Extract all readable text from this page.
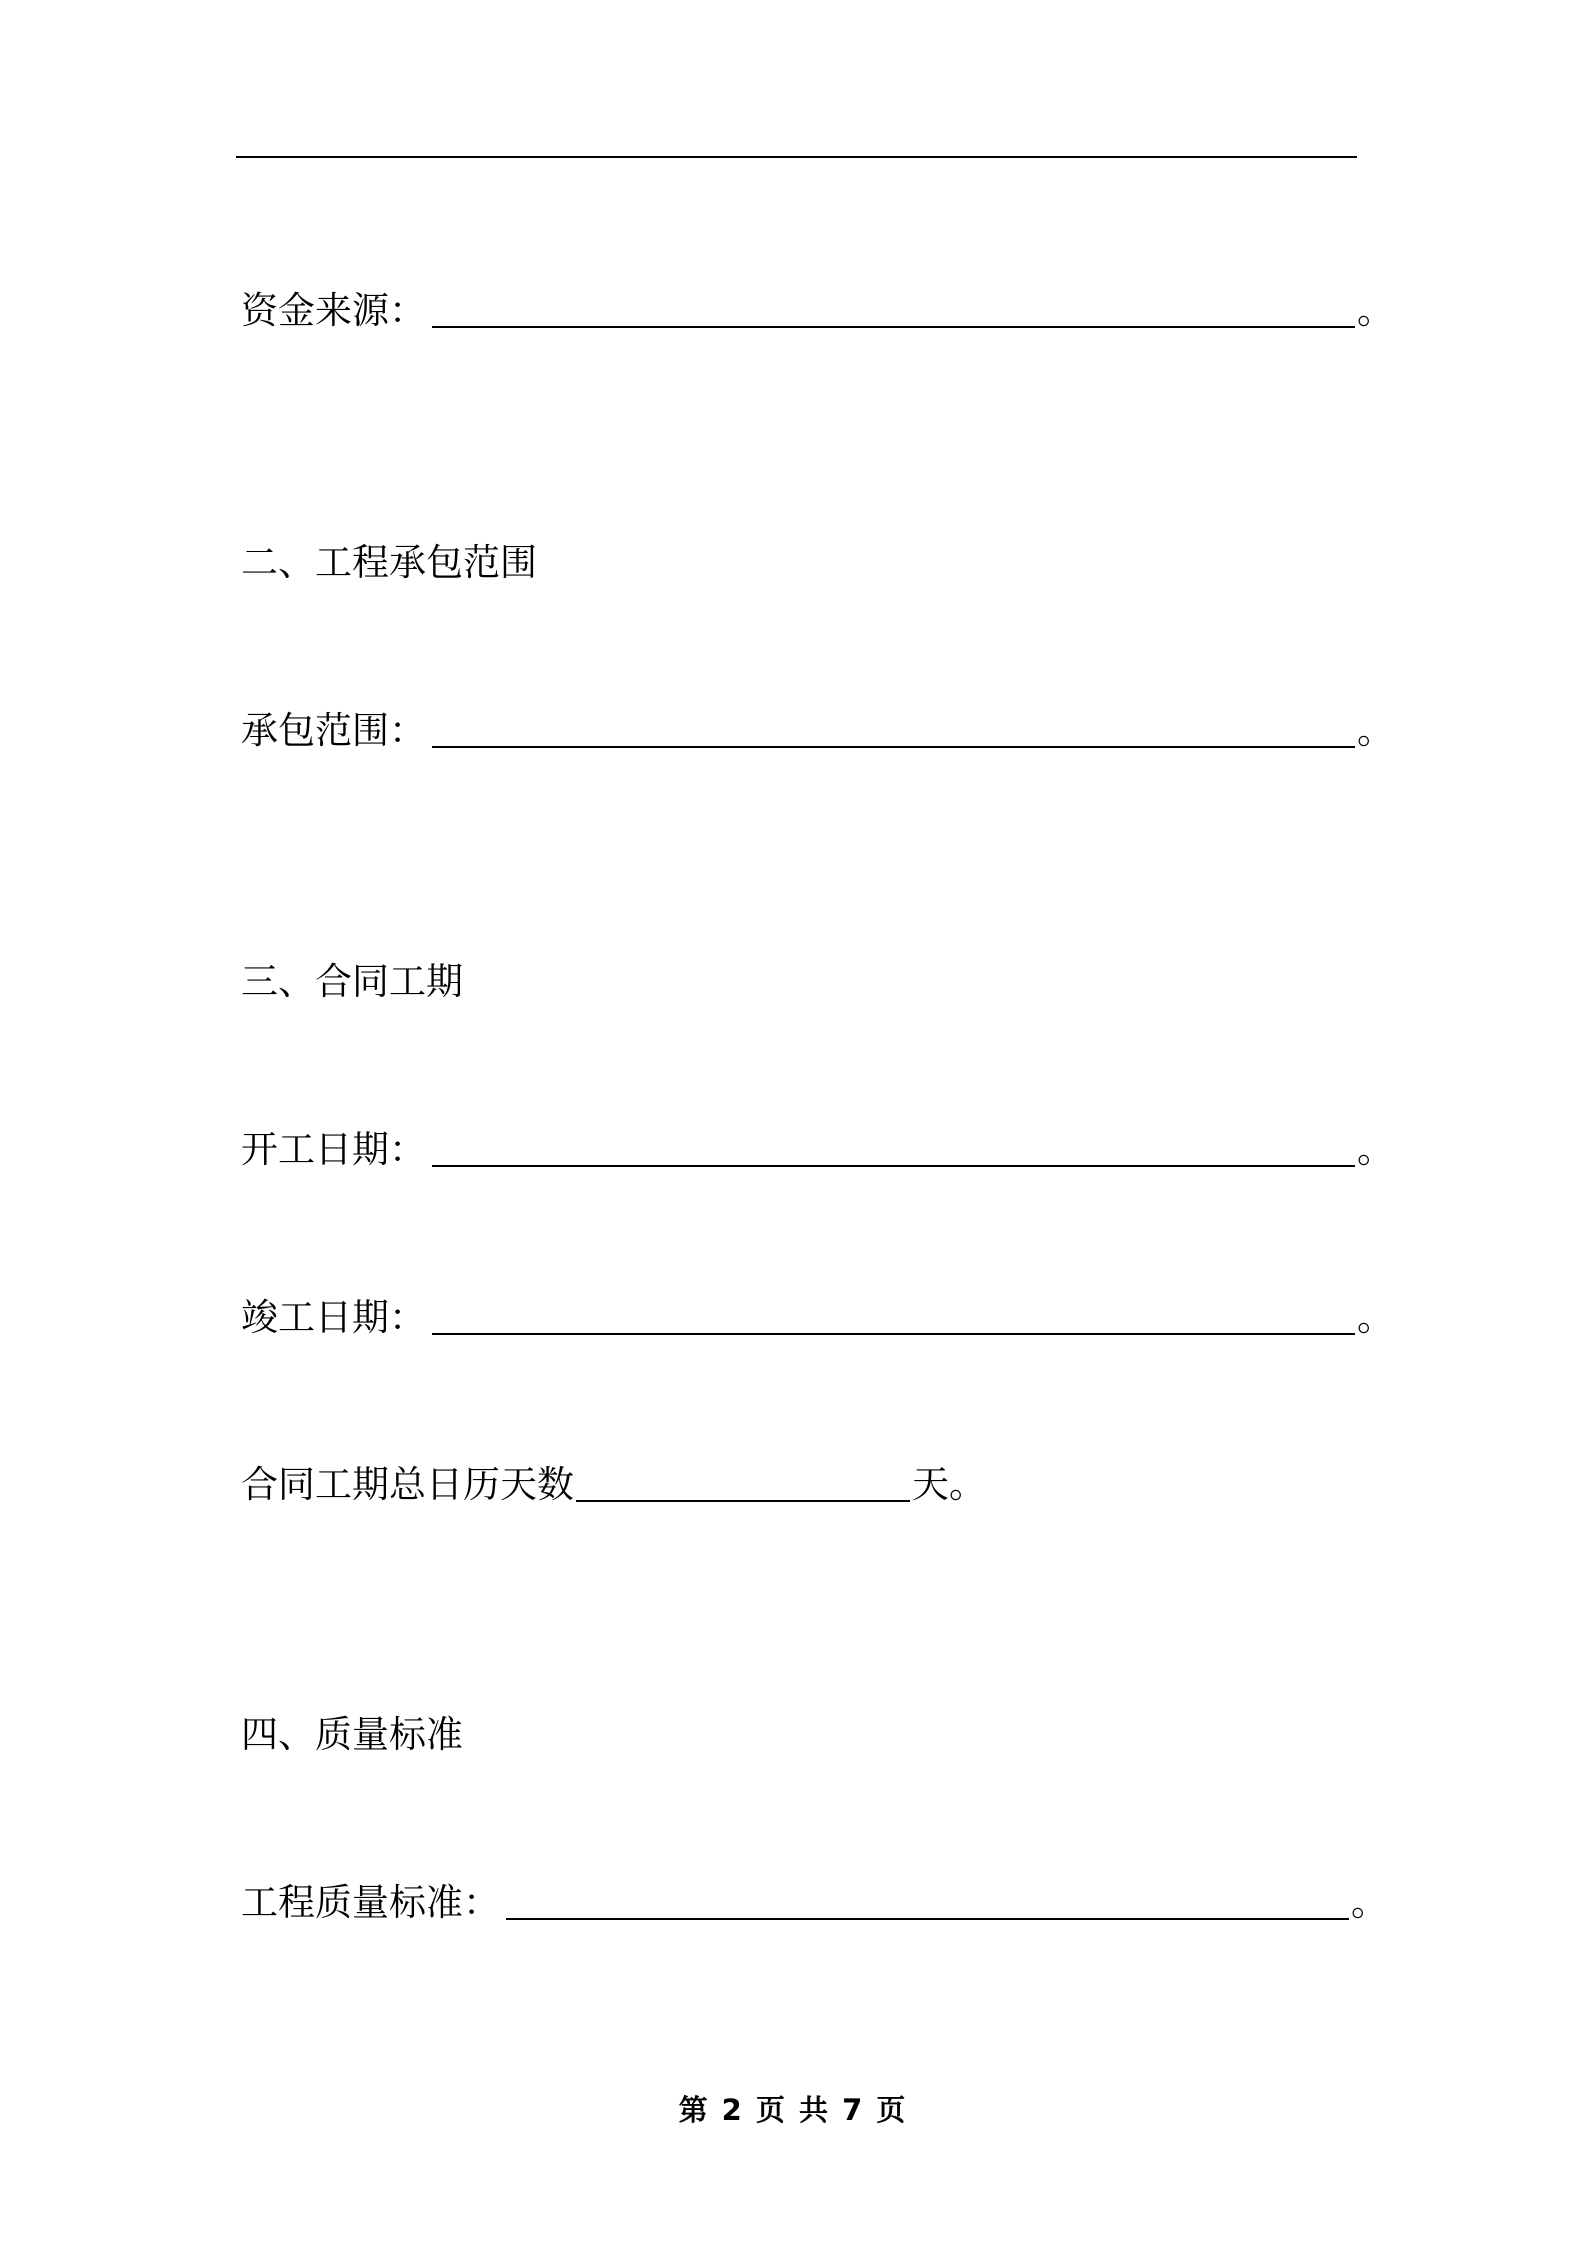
资金来源：	。
二、工程承包范围
承包范围：	。
三、合同工期
开工日期：	。
竣工日期：	。
合同工期总日历天数	天。
四、质量标准
工程质量标准：	。
第 2 页 共 7 页
